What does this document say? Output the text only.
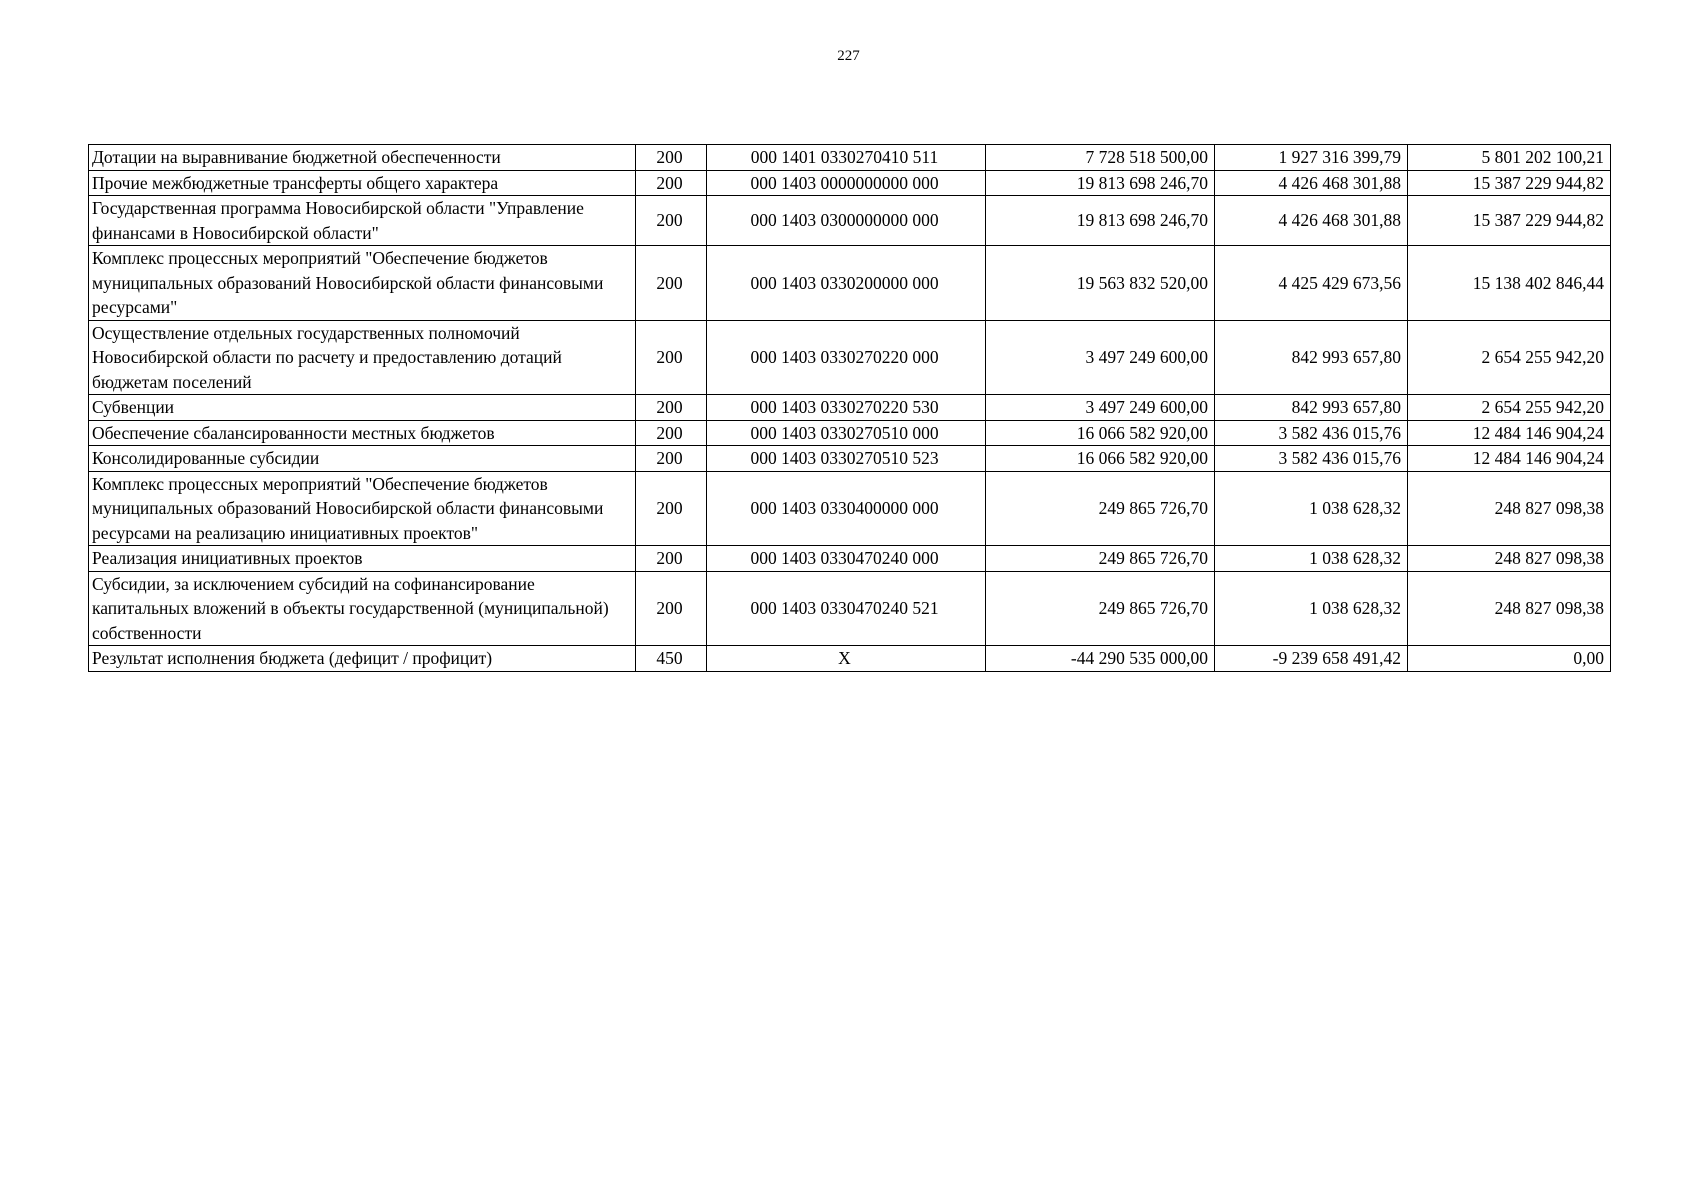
227
Дотации на выравнивание бюджетной обеспеченности	200	000 1401 0330270410 511	7 728 518 500,00	1 927 316 399,79	5 801 202 100,21
Прочие межбюджетные трансферты общего характера	200	000 1403 0000000000 000	19 813 698 246,70	4 426 468 301,88	15 387 229 944,82
Государственная программа Новосибирской области "Управление финансами в Новосибирской области"	200	000 1403 0300000000 000	19 813 698 246,70	4 426 468 301,88	15 387 229 944,82
Комплекс процессных мероприятий "Обеспечение бюджетов муниципальных образований Новосибирской области финансовыми ресурсами"	200	000 1403 0330200000 000	19 563 832 520,00	4 425 429 673,56	15 138 402 846,44
Осуществление отдельных государственных полномочий Новосибирской области по расчету и предоставлению дотаций бюджетам поселений	200	000 1403 0330270220 000	3 497 249 600,00	842 993 657,80	2 654 255 942,20
Субвенции	200	000 1403 0330270220 530	3 497 249 600,00	842 993 657,80	2 654 255 942,20
Обеспечение сбалансированности местных бюджетов	200	000 1403 0330270510 000	16 066 582 920,00	3 582 436 015,76	12 484 146 904,24
Консолидированные субсидии	200	000 1403 0330270510 523	16 066 582 920,00	3 582 436 015,76	12 484 146 904,24
Комплекс процессных мероприятий "Обеспечение бюджетов муниципальных образований Новосибирской области финансовыми ресурсами на реализацию инициативных проектов"	200	000 1403 0330400000 000	249 865 726,70	1 038 628,32	248 827 098,38
Реализация инициативных проектов	200	000 1403 0330470240 000	249 865 726,70	1 038 628,32	248 827 098,38
Субсидии, за исключением субсидий на софинансирование капитальных вложений в объекты государственной (муниципальной) собственности	200	000 1403 0330470240 521	249 865 726,70	1 038 628,32	248 827 098,38
Результат исполнения бюджета (дефицит / профицит)	450	X	-44 290 535 000,00	-9 239 658 491,42	0,00
